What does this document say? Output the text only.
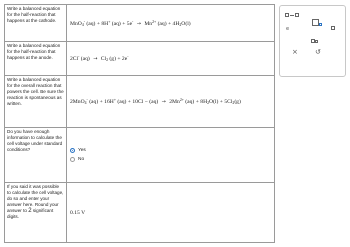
Write a balanced equation for the half-reaction that happens at the cathode.	MnO$_4$- (aq) + 8H+ $(aq) + 5e^- \to Mn^{2+}$ $(aq) + 4H_2O(l)$
Write a balanced equation for the half-reaction that happens at the anode.	2Cl- $(aq) \to Cl_2$ (g) + 2e-
Write a balanced equation for the overall reaction that powers the cell. Be sure the reaction is spontaneous as written.	2MnO$_4$- (aq) + 16H+ $(aq) + 10Cl - (aq) \to 2Mn^{2+}$ $(aq) + 8H_2O(l) + 5Cl_2(g)$
Do you have enough information to calculate the cell voltage under standard conditions?	Yes
No

If you said it was possible to calculate the cell voltage, do so and enter your answer here. Round your answer to 2 significant digits.	0.15 V
e
× ↺
